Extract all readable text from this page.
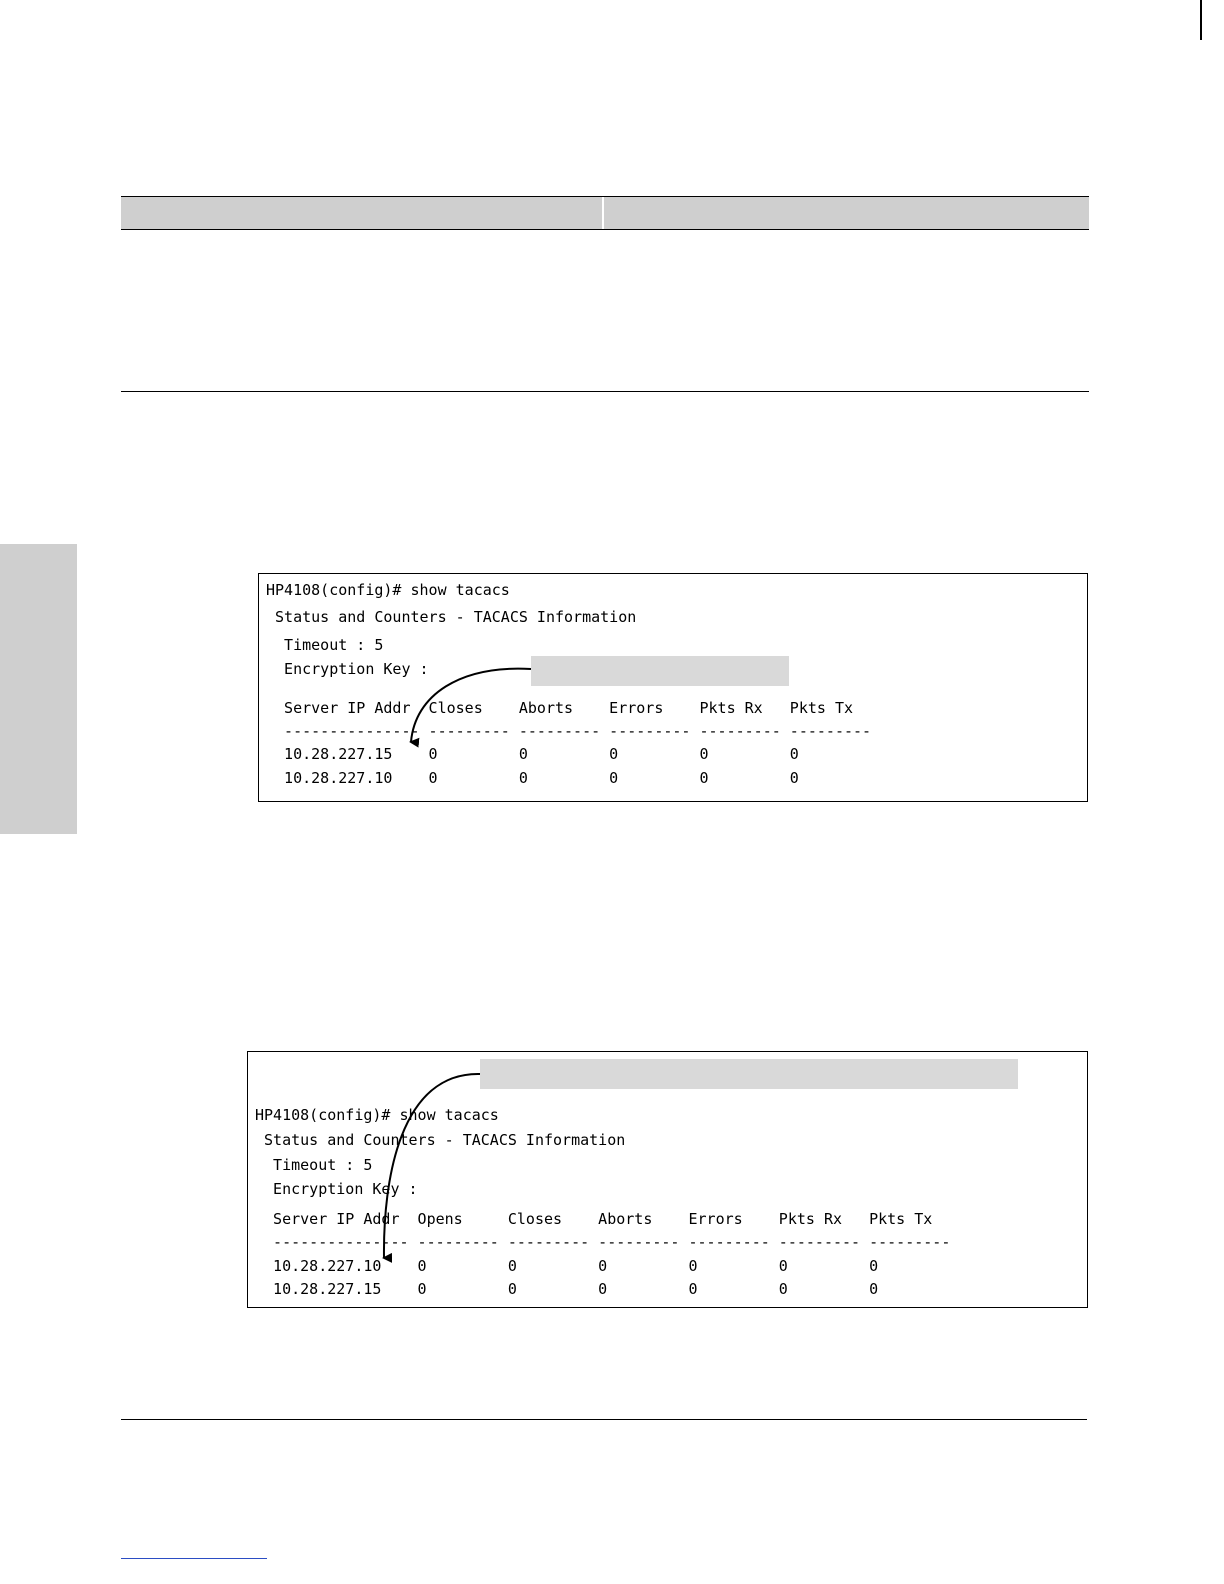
HP4108(config)# show tacacs
Status and Counters - TACACS Information
Timeout : 5
Encryption Key :
Server IP Addr  Closes    Aborts    Errors    Pkts Rx   Pkts Tx
--------------- --------- --------- --------- --------- ---------
10.28.227.15    0         0         0         0         0
10.28.227.10    0         0         0         0         0
HP4108(config)# show tacacs
Status and Counters - TACACS Information
Timeout : 5
Encryption Key :
Server IP Addr  Opens     Closes    Aborts    Errors    Pkts Rx   Pkts Tx
--------------- --------- --------- --------- --------- --------- ---------
10.28.227.10    0         0         0         0         0         0
10.28.227.15    0         0         0         0         0         0
